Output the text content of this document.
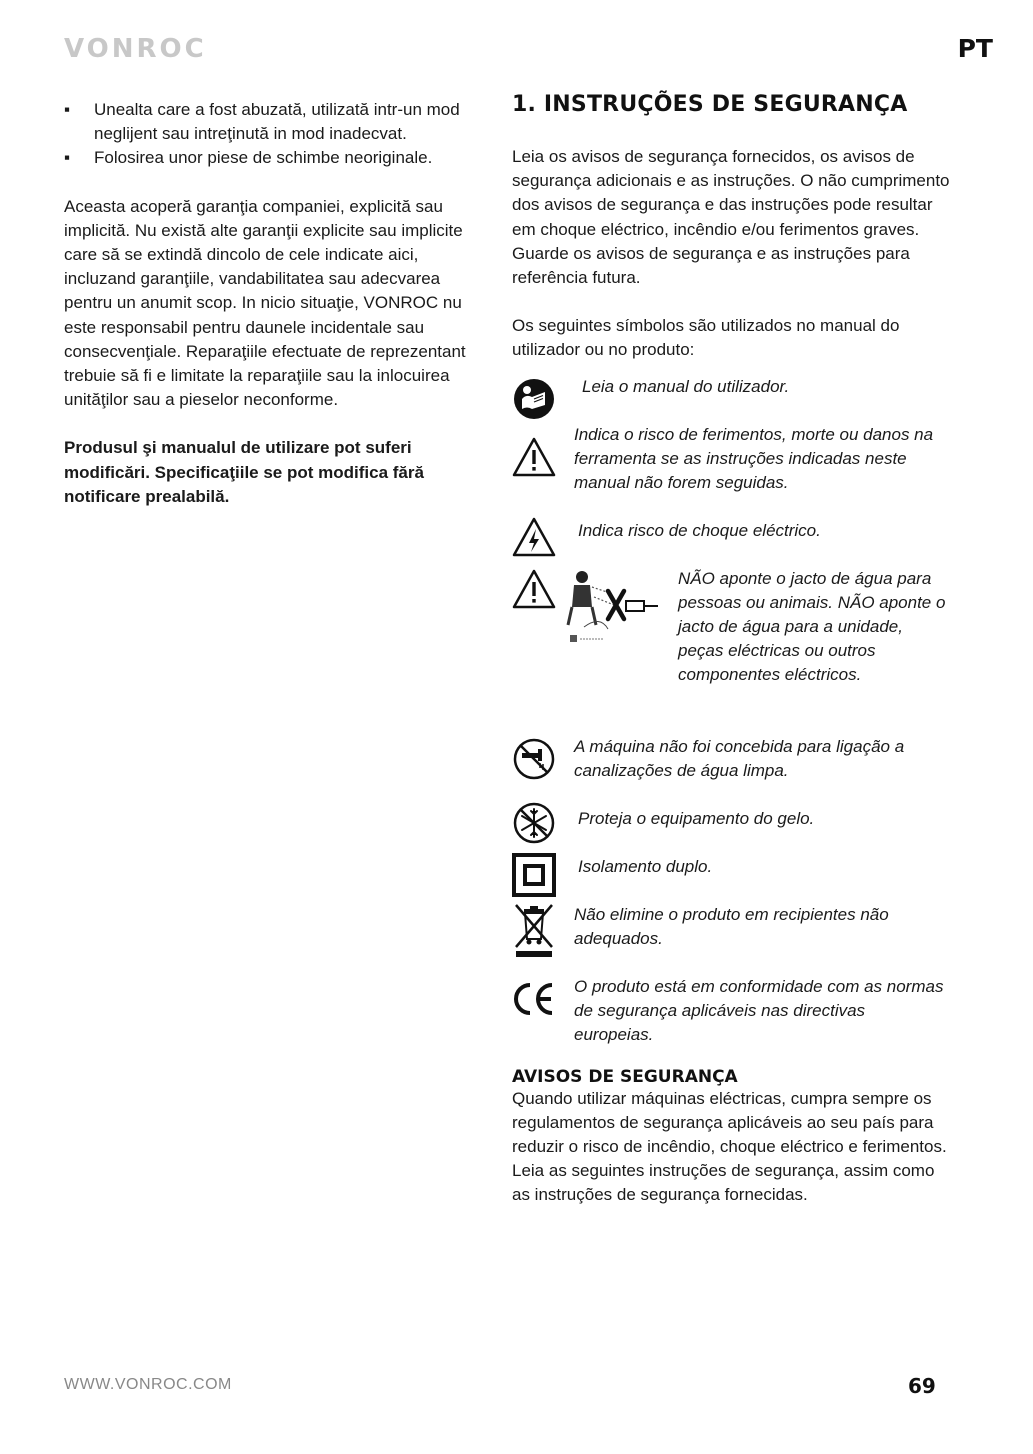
VONROC	PT
▪ Unealta care a fost abuzată, utilizată intr-un mod neglijent sau intreţinută in mod inadecvat.
▪ Folosirea unor piese de schimbe neoriginale.

Aceasta acoperă garanţia companiei, explicită sau implicită. Nu există alte garanţii explicite sau implicite care să se extindă dincolo de cele indicate aici, incluzand garanţiile, vandabilitatea sau adecvarea pentru un anumit scop. In nicio situaţie, VONROC nu este responsabil pentru daunele incidentale sau consecvenţiale. Reparaţiile efectuate de reprezentant trebuie să fi e limitate la reparaţiile sau la inlocuirea unităţilor sau a pieselor neconforme.

Produsul şi manualul de utilizare pot suferi modificări. Specificaţiile se pot modifica fără notificare prealabilă.

1. INSTRUÇÕES DE SEGURANÇA

Leia os avisos de segurança fornecidos, os avisos de segurança adicionais e as instruções. O não cumprimento dos avisos de segurança e das instruções pode resultar em choque eléctrico, incêndio e/ou ferimentos graves. Guarde os avisos de segurança e as instruções para referência futura.

Os seguintes símbolos são utilizados no manual do utilizador ou no produto:

Leia o manual do utilizador.
Indica o risco de ferimentos, morte ou danos na ferramenta se as instruções indicadas neste manual não forem seguidas.
Indica risco de choque eléctrico.
NÃO aponte o jacto de água para pessoas ou animais. NÃO aponte o jacto de água para a unidade, peças eléctricas ou outros componentes eléctricos.
A máquina não foi concebida para ligação a canalizações de água limpa.
Proteja o equipamento do gelo.
Isolamento duplo.
Não elimine o produto em recipientes não adequados.
O produto está em conformidade com as normas de segurança aplicáveis nas directivas europeias.
AVISOS DE SEGURANÇA

Quando utilizar máquinas eléctricas, cumpra sempre os regulamentos de segurança aplicáveis ao seu país para reduzir o risco de incêndio, choque eléctrico e ferimentos. Leia as seguintes instruções de segurança, assim como as instruções de segurança fornecidas.

WWW.VONROC.COM	69
